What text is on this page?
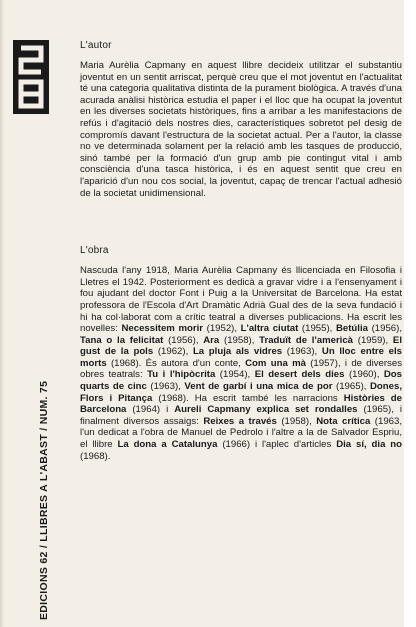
EDICIONS 62 / LLIBRES A L'ABAST / NUM. 75
L'autor

Maria Aurèlia Capmany en aquest llibre decideix utilitzar el substantiu joventut en un sentit arriscat, perquè creu que el mot joventut en l'actualitat té una categoria qualitativa distinta de la purament biològica. A través d'una acurada anàlisi històrica estudia el paper i el lloc que ha ocupat la joventut en les diverses societats històriques, fins a arribar a les manifestacions de refús i d'agitació dels nostres dies, característiques sobretot pel desig de compromís davant l'estructura de la societat actual. Per a l'autor, la classe no ve determinada solament per la relació amb les tasques de producció, sinó també per la formació d'un grup amb pie contingut vital i amb consciència d'una tasca històrica, i és en aquest sentit que creu en l'aparició d'un nou cos social, la joventut, capaç de trencar l'actual adhesió de la societat unidimensional.

L'obra

Nascuda l'any 1918, Maria Aurèlia Capmany és llicenciada en Filosofia i Lletres el 1942. Posteriorment es dedicà a gravar vidre i a l'ensenyament i fou ajudant del doctor Font i Puig a la Universitat de Barcelona. Ha estat professora de l'Escola d'Art Dramàtic Adrià Gual des de la seva fundació i hi ha col·laborat com a crític teatral a diverses publicacions. Ha escrit les novelles: Necessitem morir (1952), L'altra ciutat (1955), Betúlia (1956), Tana o la felicitat (1956), Ara (1958), Traduït de l'americà (1959), El gust de la pols (1962), La pluja als vidres (1963), Un lloc entre els morts (1968). És autora d'un conte, Com una mà (1957), i de diverses obres teatrals: Tu i l'hipòcrita (1954), El desert dels dies (1960), Dos quarts de cinc (1963), Vent de garbí i una mica de por (1965), Dones, Flors i Pitança (1968). Ha escrit també les narracions Històries de Barcelona (1964) i Aureli Capmany explica set rondalles (1965), i finalment diversos assaigs: Reixes a través (1958), Nota crítica (1963, l'un dedicat a l'obra de Manuel de Pedrolo i l'altre a la de Salvador Espriu, el llibre La dona a Catalunya (1966) i l'aplec d'articles Dia sí, dia no (1968).
